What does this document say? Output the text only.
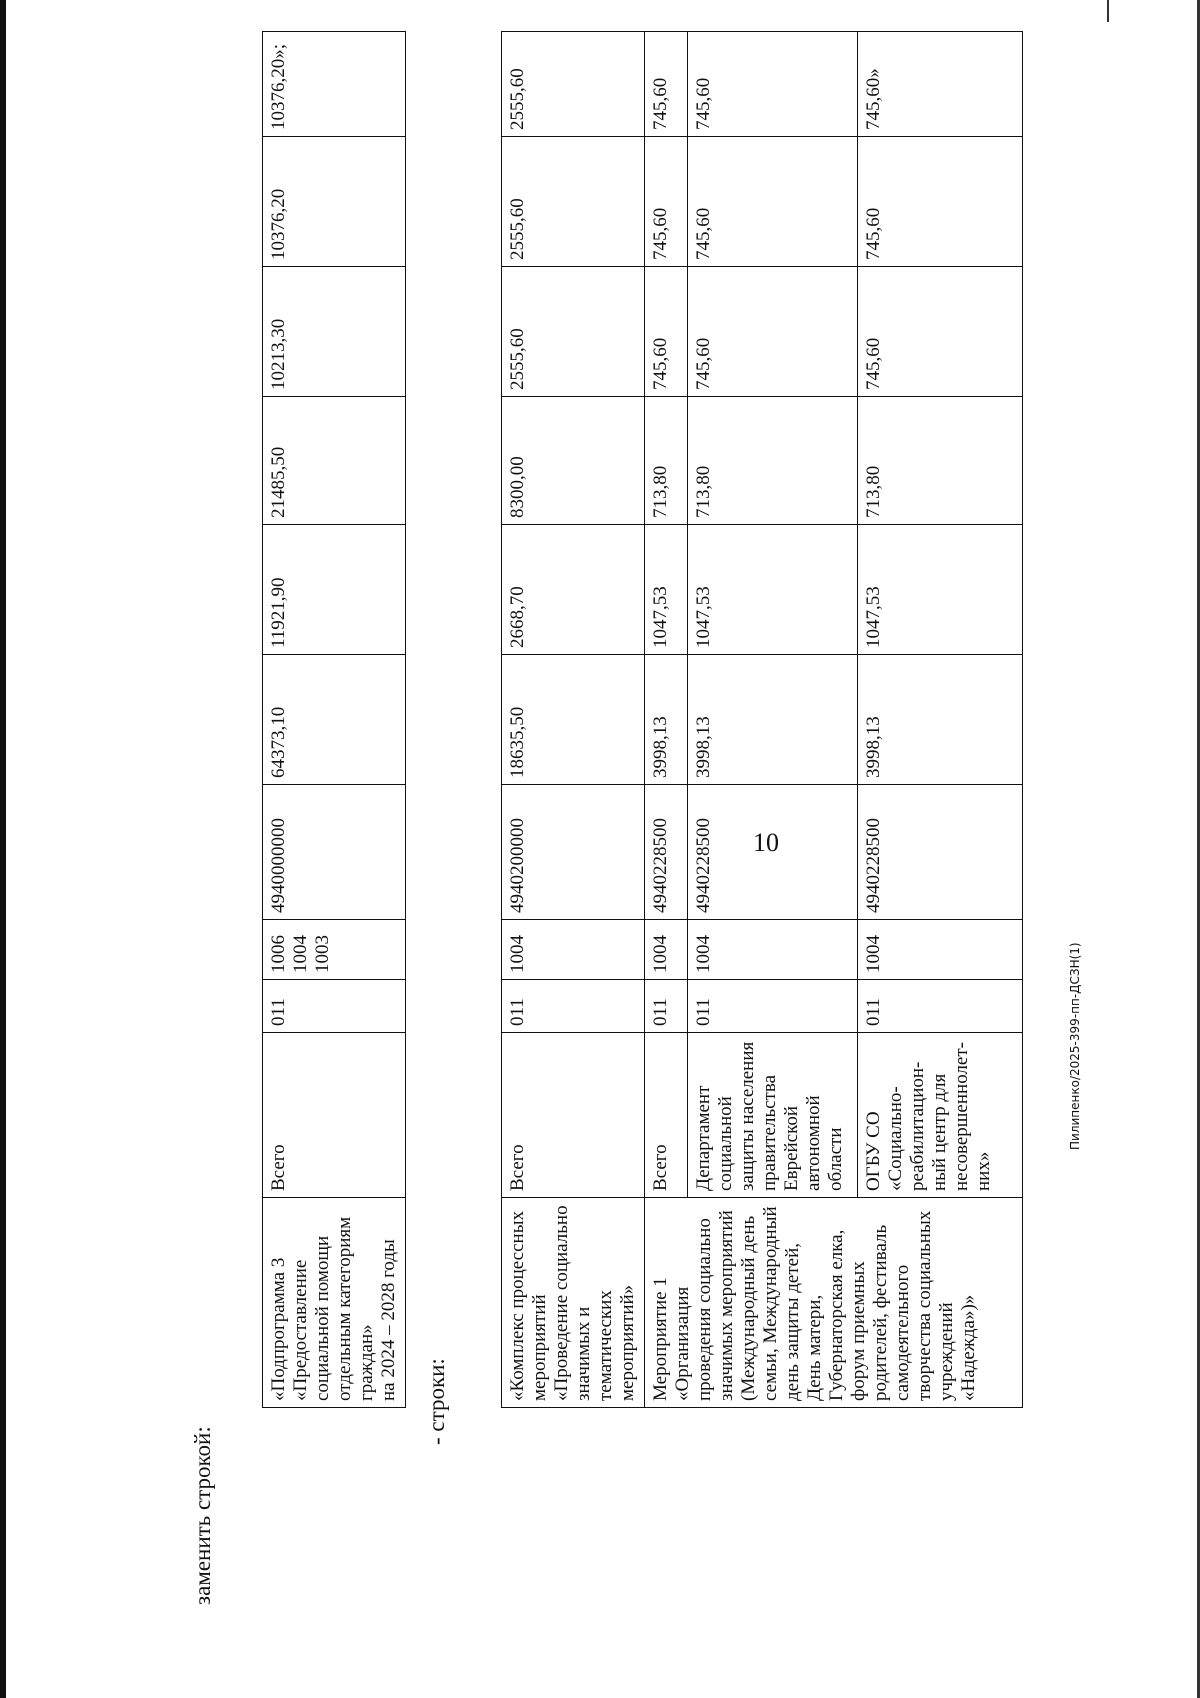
10
Пилипенко/2025-399-пп-ДСЗН(1)
заменить строкой:
«Подпрограмма 3
«Предоставление социальной помощи отдельным категориям граждан»
на 2024 – 2028 годы	Всего	011	1006
1004
1003	4940000000	64373,10	11921,90	21485,50	10213,30	10376,20	10376,20»;
- строки:
«Комплекс процессных мероприятий «Проведение социально значимых и тематических мероприятий»	Всего	011	1004	4940200000	18635,50	2668,70	8300,00	2555,60	2555,60	2555,60
Мероприятие 1
«Организация проведения социально значимых мероприятий
(Международный день семьи, Международный день защиты детей, День матери, Губернаторская елка, форум приемных родителей, фестиваль самодеятельного творчества социальных учреждений «Надежда»)»	Всего	011	1004	4940228500	3998,13	1047,53	713,80	745,60	745,60	745,60
	Департамент социальной защиты населения правительства Еврейской автономной области	011	1004	4940228500	3998,13	1047,53	713,80	745,60	745,60	745,60
	ОГБУ СО «Социально-реабилитацион-ный центр для несовершеннолет-них»	011	1004	4940228500	3998,13	1047,53	713,80	745,60	745,60	745,60»
